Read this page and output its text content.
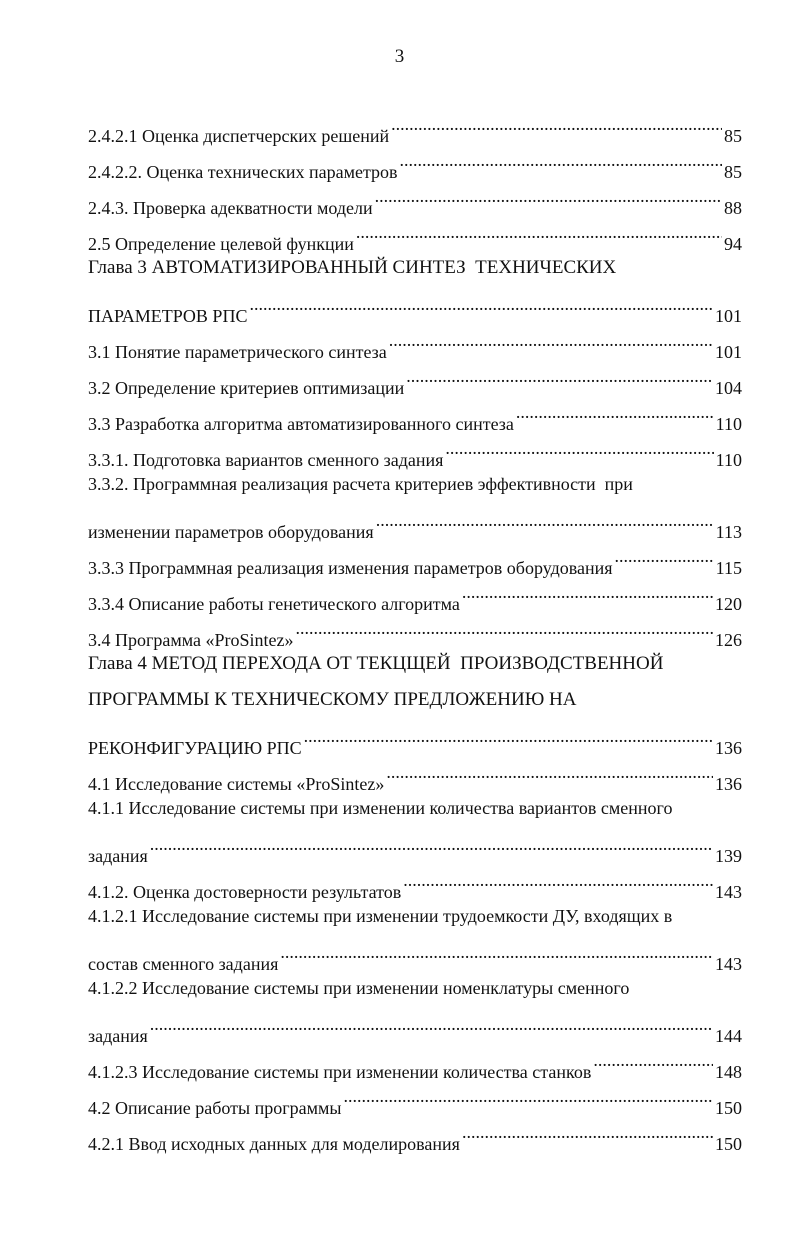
3
2.4.2.1 Оценка диспетчерских решений .....	85
2.4.2.2. Оценка технических параметров .....	85
2.4.3. Проверка адекватности модели .....	88
2.5 Определение целевой функции .....	94
Глава 3 АВТОМАТИЗИРОВАННЫЙ СИНТЕЗ  ТЕХНИЧЕСКИХ
ПАРАМЕТРОВ РПС .....	101
3.1 Понятие параметрического синтеза .....	101
3.2 Определение критериев оптимизации .....	104
3.3 Разработка алгоритма автоматизированного синтеза .....	110
3.3.1. Подготовка вариантов сменного задания .....	110
3.3.2. Программная реализация расчета критериев эффективности  при
изменении параметров оборудования .....	113
3.3.3 Программная реализация изменения параметров оборудования .....	115
3.3.4 Описание работы генетического алгоритма .....	120
3.4 Программа «ProSintez» .....	126
Глава 4 МЕТОД ПЕРЕХОДА ОТ ТЕКЦЩЕЙ  ПРОИЗВОДСТВЕННОЙ
ПРОГРАММЫ К ТЕХНИЧЕСКОМУ ПРЕДЛОЖЕНИЮ НА
РЕКОНФИГУРАЦИЮ РПС .....	136
4.1 Исследование системы «ProSintez» .....	136
4.1.1 Исследование системы при изменении количества вариантов сменного
задания .....	139
4.1.2. Оценка достоверности результатов .....	143
4.1.2.1 Исследование системы при изменении трудоемкости ДУ, входящих в
состав сменного задания .....	143
4.1.2.2 Исследование системы при изменении номенклатуры сменного
задания .....	144
4.1.2.3 Исследование системы при изменении количества станков .....	148
4.2 Описание работы программы .....	150
4.2.1 Ввод исходных данных для моделирования .....	150
